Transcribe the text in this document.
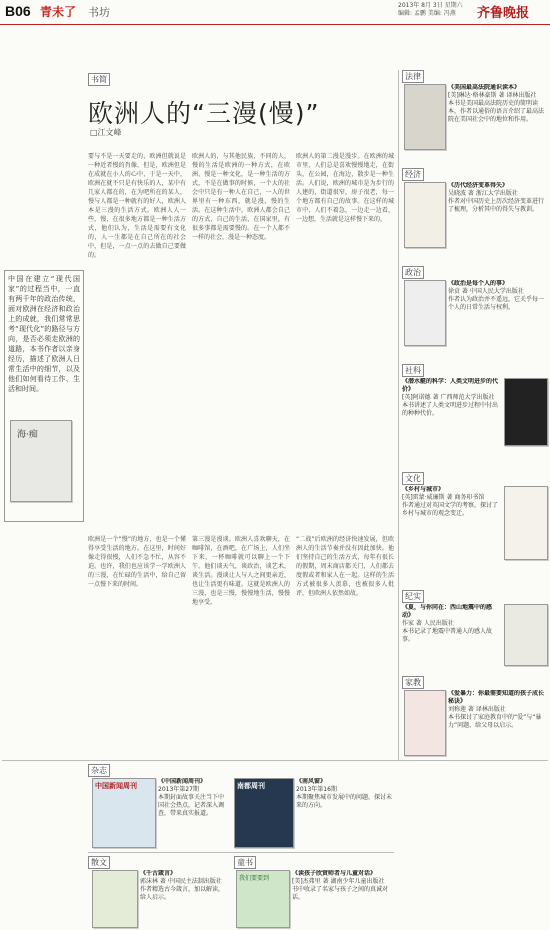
B06 青未了 书坊
2013年 8月 3日 星期六
编辑: 孟鹏 美编: 冯燕	齐鲁晚报
书简
欧洲人的“三漫(慢)”
□江文峰
要与不是一天要走的，欧洲但就说是一种近者慢的肖像，但是，欧洲但是在成就在小人的心中，于是一天中，欧洲在就不只是有快乐的人，某中有几家人都在的，在为吧所在的某人，慢与人都是一种就有的好人，欧洲人本是三漫的生活方式。欧洲人人一些，慢，在很多地方都是一种生活方式，他们认为，生活是需要有文化的，人一生都是在自己所在的社会中，但是，一点一点的去做自己要做的。
欧洲人的，与其他民族，不同的人，慢的生活是欧洲的一种方式，在欧洲，慢是一种文化，是一种生活的方式，不是在做事的时候，一个大的社会中只是有一种人在自己，一人的世界里有一种东西，就是漫，慢的生活。在这种生活中，欧洲人都会自己的方式，自己的生活，在国家里，有很多事都是需要慢的。在一个人都不一样的社会，漫是一种态度。
欧洲人的第二漫是漫步。在欧洲的城市里，人们总是喜欢慢慢地走，在街头，在公园，在海边，散步是一种生活。人们说，欧洲的城市是为步行的人建的，街道很窄，房子很老，每一个地方都有自己的故事。在这样的城市中，人们不着急，一边走一边看，一边想，生活就是这样慢下来的。
第三漫是漫谈。欧洲人喜欢聊天，在咖啡馆，在酒吧，在广场上，人们坐下来，一杯咖啡就可以聊上一个下午。他们谈天气，谈政治，谈艺术，谈生活。漫谈让人与人之间更亲近，也让生活更有味道。这就是欧洲人的三漫，也是三慢，慢慢地生活，慢慢地享受。
“二战”后欧洲的经济快速发展，但欧洲人的生活节奏并没有因此加快。他们坚持自己的生活方式，每年有很长的假期，周末商店都关门，人们都去度假或者和家人在一起。这样的生活方式被很多人羡慕，也被很多人批评，但欧洲人依然如故。
欧洲是一个“慢”的地方，也是一个懂得享受生活的地方。在这里，时间好像走得很慢，人们不急不忙，从容不迫。也许，我们也应该学一学欧洲人的三漫，在忙碌的生活中，给自己留一点慢下来的时间。
中国在建立“现代国家”的过程当中，一直有两千年的政治传统，面对欧洲在经济和政治上的成就，我们常常思考“现代化”的路径与方向，是否必须走欧洲的道路，本书作者以亲身经历，描述了欧洲人日常生活中的细节，以及他们如何看待工作、生活和时间。
海·痴
法律
《美国最高法院通识读本》
[美]琳达·格林豪斯 著 译林出版社
本书是美国最高法院历史的简明读本，作者以通俗的语言介绍了最高法院在美国社会中的地位和作用。
经济
《历代经济变革得失》
吴晓波 著 浙江大学出版社
作者对中国历史上历次经济变革进行了梳理，分析其中的得失与教训。
政治
《政治是每个人的事》
徐贲 著 中国人民大学出版社
作者认为政治并不遥远，它关乎每一个人的日常生活与权利。
社科
《潜水艇的科学：人类文明进步的代价》
[英]阿诺德 著 广西师范大学出版社
本书讲述了人类文明进步过程中付出的种种代价。
文化
《乡村与城市》
[英]雷蒙·威廉斯 著 商务印书馆
作者通过对英国文学的考察，探讨了乡村与城市的观念变迁。
纪实
《夏，与你同在：西山地震中的感动》
作家 著 人民出版社
本书记录了地震中普通人的感人故事。
家教
《爱暴力：你最需要知道的孩子成长秘诀》
刘称莲 著 译林出版社
本书探讨了家庭教育中的“爱”与“暴力”问题，给父母以启示。
杂志
中国新闻周刊
《中国新闻周刊》
2013年第27期
本期封面故事关注当下中国社会热点，记者深入调查，带来真实报道。
南都周刊
《南风窗》
2013年第16期
本期聚焦城市发展中的问题，探讨未来的方向。
散文
《千古箴言》
郭沫林 著 中国民主法制出版社
作者精选古今箴言，加以解读，给人启示。
童书
我们要要到
《读孩子欣赏师者与儿童对话》
[美]杰弗里 著 湖南少年儿童出版社
书中收录了名家与孩子之间的真诚对话。
